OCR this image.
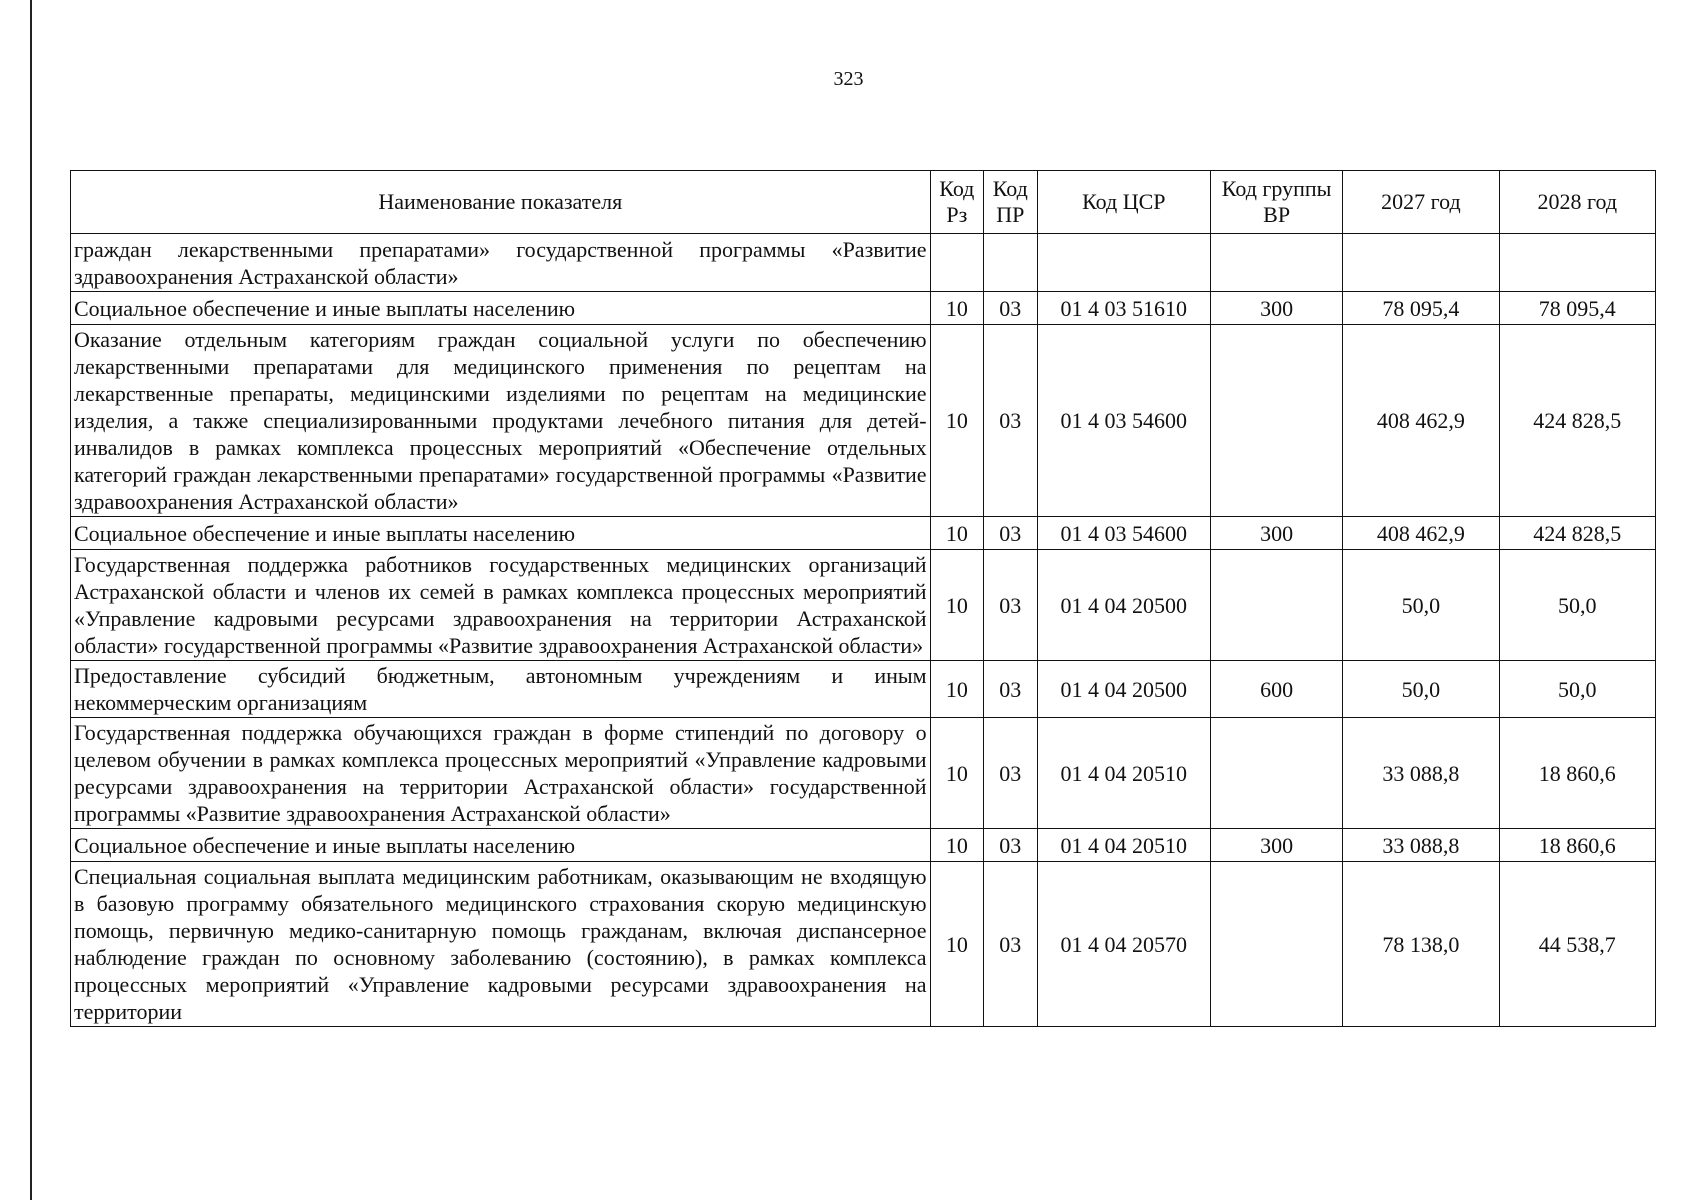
323
Наименование показателя	Код Рз	Код ПР	Код ЦСР	Код группы ВР	2027 год	2028 год
граждан лекарственными препаратами» государственной программы «Развитие здравоохранения Астраханской области»						
Социальное обеспечение и иные выплаты населению	10	03	01 4 03 51610	300	78 095,4	78 095,4
Оказание отдельным категориям граждан социальной услуги по обеспечению лекарственными препаратами для медицинского применения по рецептам на лекарственные препараты, медицинскими изделиями по рецептам на медицинские изделия, а также специализированными продуктами лечебного питания для детей-инвалидов в рамках комплекса процессных мероприятий «Обеспечение отдельных категорий граждан лекарственными препаратами» государственной программы «Развитие здравоохранения Астраханской области»	10	03	01 4 03 54600		408 462,9	424 828,5
Социальное обеспечение и иные выплаты населению	10	03	01 4 03 54600	300	408 462,9	424 828,5
Государственная поддержка работников государственных медицинских организаций Астраханской области и членов их семей в рамках комплекса процессных мероприятий «Управление кадровыми ресурсами здравоохранения на территории Астраханской области» государственной программы «Развитие здравоохранения Астраханской области»	10	03	01 4 04 20500		50,0	50,0
Предоставление субсидий бюджетным, автономным учреждениям и иным некоммерческим организациям	10	03	01 4 04 20500	600	50,0	50,0
Государственная поддержка обучающихся граждан в форме стипендий по договору о целевом обучении в рамках комплекса процессных мероприятий «Управление кадровыми ресурсами здравоохранения на территории Астраханской области» государственной программы «Развитие здравоохранения Астраханской области»	10	03	01 4 04 20510		33 088,8	18 860,6
Социальное обеспечение и иные выплаты населению	10	03	01 4 04 20510	300	33 088,8	18 860,6
Специальная социальная выплата медицинским работникам, оказывающим не входящую в базовую программу обязательного медицинского страхования скорую медицинскую помощь, первичную медико-санитарную помощь гражданам, включая диспансерное наблюдение граждан по основному заболеванию (состоянию), в рамках комплекса процессных мероприятий «Управление кадровыми ресурсами здравоохранения на территории	10	03	01 4 04 20570		78 138,0	44 538,7
